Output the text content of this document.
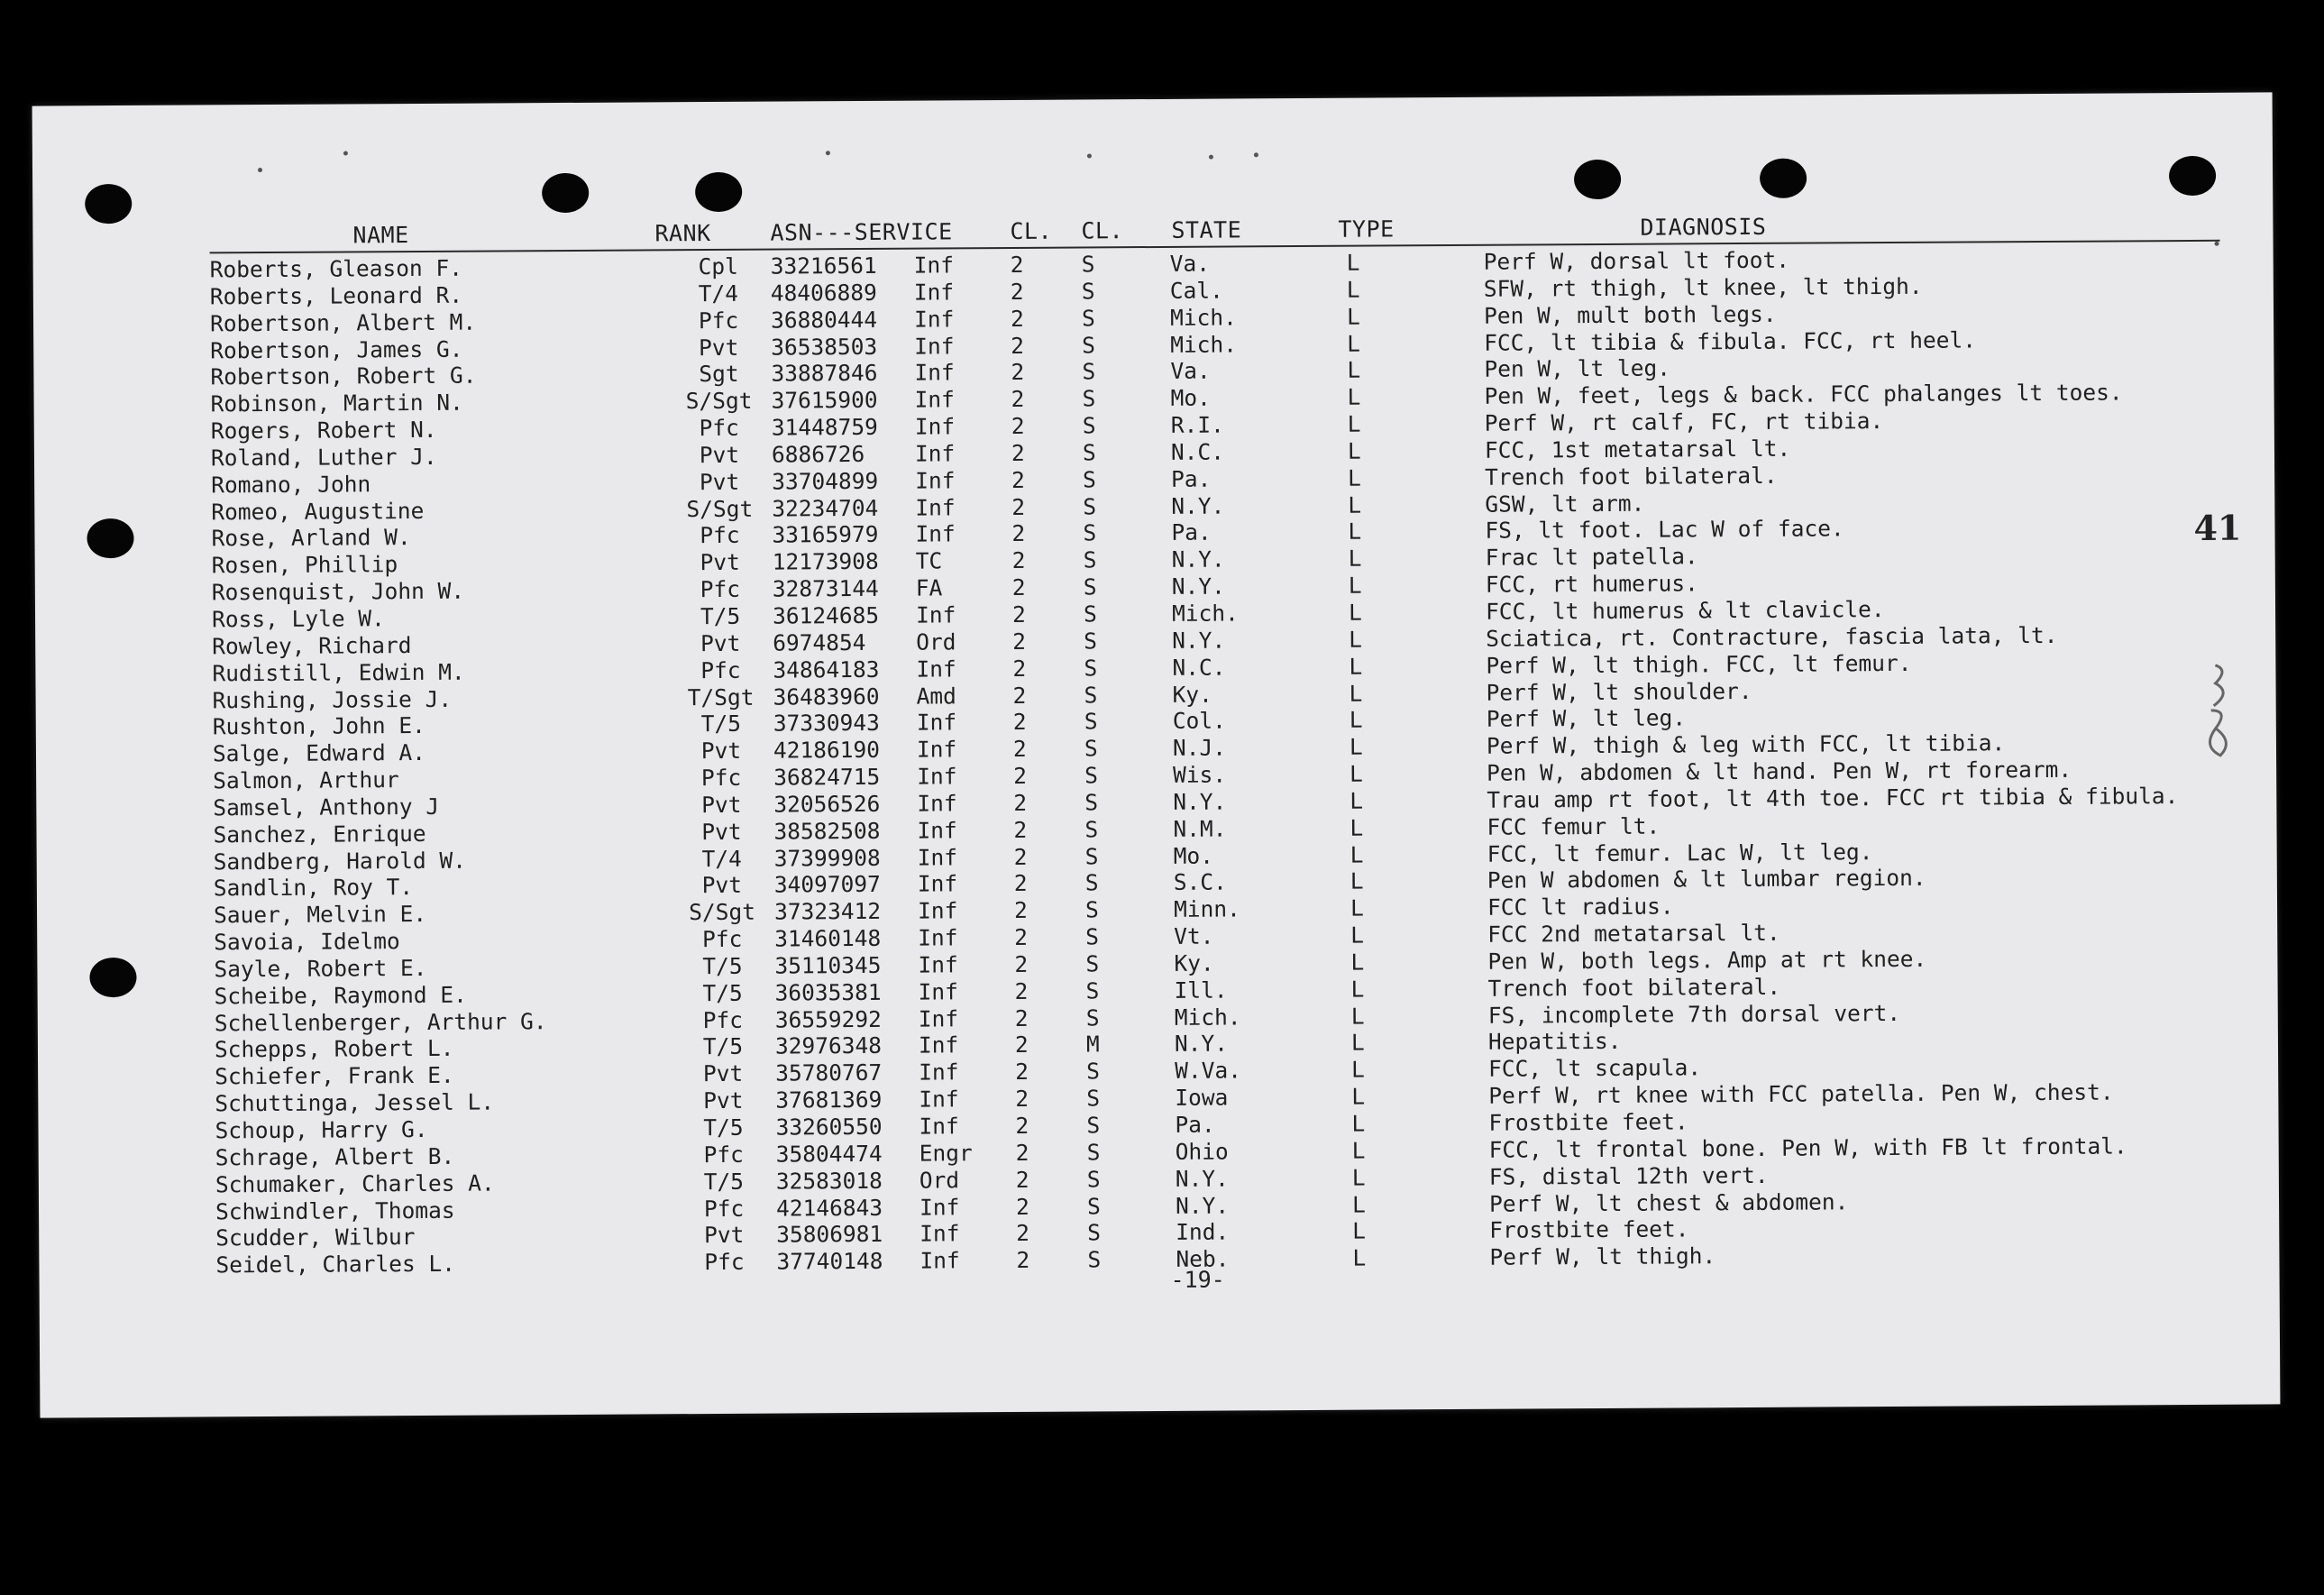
NAME	RANK	ASN---SERVICE	CL. CL. STATE	TYPE	DIAGNOSIS
Roberts, Gleason F.	Cpl	33216561 Inf	2	S	Va.	L	Perf W, dorsal lt foot.
Roberts, Leonard R.	T/4	48406889 Inf	2	S	Cal.	L	SFW, rt thigh, lt knee, lt thigh.
Robertson, Albert M.	Pfc	36880444 Inf	2	S	Mich.	L	Pen W, mult both legs.
Robertson, James G.	Pvt	36538503 Inf	2	S	Mich.	L	FCC, lt tibia & fibula. FCC, rt heel.
Robertson, Robert G.	Sgt	33887846 Inf	2	S	Va.	L	Pen W, lt leg.
Robinson, Martin N.	S/Sgt 37615900 Inf	2	S	Mo.	L	Pen W, feet, legs & back. FCC phalanges lt toes.
Rogers, Robert N.	Pfc	31448759 Inf	2	S	R.I.	L	Perf W, rt calf, FC, rt tibia.
Roland, Luther J.	Pvt	6886726 Inf	2	S	N.C.	L	FCC, 1st metatarsal lt.
Romano, John	Pvt	33704899 Inf	2	S	Pa.	L	Trench foot bilateral.
Romeo, Augustine	S/Sgt 32234704 Inf	2	S	N.Y.	L	GSW, lt arm.
Rose, Arland W.	Pfc	33165979 Inf	2	S	Pa.	L	FS, lt foot. Lac W of face.
Rosen, Phillip	Pvt	12173908 TC	2	S	N.Y.	L	Frac lt patella.
Rosenquist, John W.	Pfc	32873144 FA	2	S	N.Y.	L	FCC, rt humerus.
Ross, Lyle W.	T/5	36124685 Inf	2	S	Mich.	L	FCC, lt humerus & lt clavicle.
Rowley, Richard	Pvt	6974854 Ord	2	S	N.Y.	L	Sciatica, rt. Contracture, fascia lata, lt.
Rudistill, Edwin M.	Pfc	34864183 Inf	2	S	N.C.	L	Perf W, lt thigh. FCC, lt femur.
Rushing, Jossie J.	T/Sgt 36483960 Amd	2	S	Ky.	L	Perf W, lt shoulder.
Rushton, John E.	T/5	37330943 Inf	2	S	Col.	L	Perf W, lt leg.
Salge, Edward A.	Pvt	42186190 Inf	2	S	N.J.	L	Perf W, thigh & leg with FCC, lt tibia.
Salmon, Arthur	Pfc	36824715 Inf	2	S	Wis.	L	Pen W, abdomen & lt hand. Pen W, rt forearm.
Samsel, Anthony J	Pvt	32056526 Inf	2	S	N.Y.	L	Trau amp rt foot, lt 4th toe. FCC rt tibia & fibula.
Sanchez, Enrique	Pvt	38582508 Inf	2	S	N.M.	L	FCC femur lt.
Sandberg, Harold W.	T/4	37399908 Inf	2	S	Mo.	L	FCC, lt femur. Lac W, lt leg.
Sandlin, Roy T.	Pvt	34097097 Inf	2	S	S.C.	L	Pen W abdomen & lt lumbar region.
Sauer, Melvin E.	S/Sgt 37323412 Inf	2	S	Minn.	L	FCC lt radius.
Savoia, Idelmo	Pfc	31460148 Inf	2	S	Vt.	L	FCC 2nd metatarsal lt.
Sayle, Robert E.	T/5	35110345 Inf	2	S	Ky.	L	Pen W, both legs. Amp at rt knee.
Scheibe, Raymond E.	T/5	36035381 Inf	2	S	Ill.	L	Trench foot bilateral.
Schellenberger, Arthur G.	Pfc	36559292 Inf	2	S	Mich.	L	FS, incomplete 7th dorsal vert.
Schepps, Robert L.	T/5	32976348 Inf	2	M	N.Y.	L	Hepatitis.
Schiefer, Frank E.	Pvt	35780767 Inf	2	S	W.Va.	L	FCC, lt scapula.
Schuttinga, Jessel L.	Pvt	37681369 Inf	2	S	Iowa	L	Perf W, rt knee with FCC patella. Pen W, chest.
Schoup, Harry G.	T/5	33260550 Inf	2	S	Pa.	L	Frostbite feet.
Schrage, Albert B.	Pfc	35804474 Engr 2	S	Ohio	L	FCC, lt frontal bone. Pen W, with FB lt frontal.
Schumaker, Charles A.	T/5	32583018 Ord	2	S	N.Y.	L	FS, distal 12th vert.
Schwindler, Thomas	Pfc	42146843 Inf	2	S	N.Y.	L	Perf W, lt chest & abdomen.
Scudder, Wilbur	Pvt	35806981 Inf	2	S	Ind.	L	Frostbite feet.
Seidel, Charles L.	Pfc	37740148 Inf	2	S	Neb.	L	Perf W, lt thigh.
-19-
41
